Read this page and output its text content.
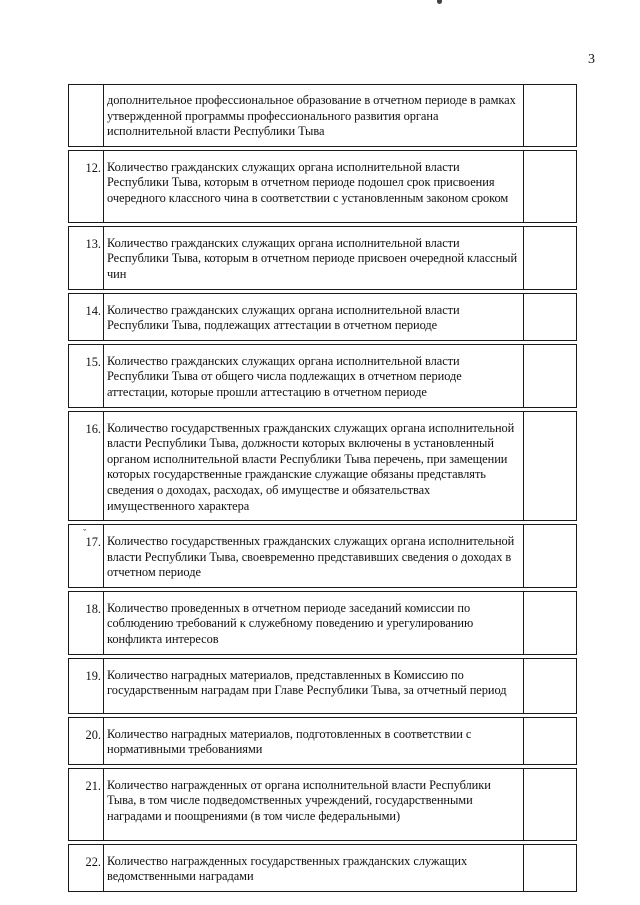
3
	дополнительное профессиональное образование в отчетном периоде в рамках утвержденной программы профессионального развития органа исполнительной власти Республики Тыва	

12.	Количество гражданских служащих органа исполнительной власти Республики Тыва, которым в отчетном периоде подошел срок присвоения очередного классного чина в соответствии с установленным законом сроком	

13.	Количество гражданских служащих органа исполнительной власти Республики Тыва, которым в отчетном периоде присвоен очередной классный чин	

14.	Количество гражданских служащих органа исполнительной власти Республики Тыва, подлежащих аттестации в отчетном периоде	

15.	Количество гражданских служащих органа исполнительной власти Республики Тыва от общего числа подлежащих в отчетном периоде аттестации, которые прошли аттестацию в отчетном периоде	

16.	Количество государственных гражданских служащих органа исполнительной власти Республики Тыва, должности которых включены в установленный органом исполнительной власти Республики Тыва перечень, при замещении которых государственные гражданские служащие обязаны представлять сведения о доходах, расходах, об имуществе и обязательствах имущественного характера	

17.	Количество государственных гражданских служащих органа исполнительной власти Республики Тыва, своевременно представивших сведения о доходах в отчетном периоде	

18.	Количество проведенных в отчетном периоде заседаний комиссии по соблюдению требований к служебному поведению и урегулированию конфликта интересов	

19.	Количество наградных материалов, представленных в Комиссию по государственным наградам при Главе Республики Тыва, за отчетный период	

20.	Количество наградных материалов, подготовленных в соответствии с нормативными требованиями	

21.	Количество награжденных от органа исполнительной власти Республики Тыва, в том числе подведомственных учреждений, государственными наградами и поощрениями (в том числе федеральными)	

22.	Количество награжденных государственных гражданских служащих ведомственными наградами	
ˬ
